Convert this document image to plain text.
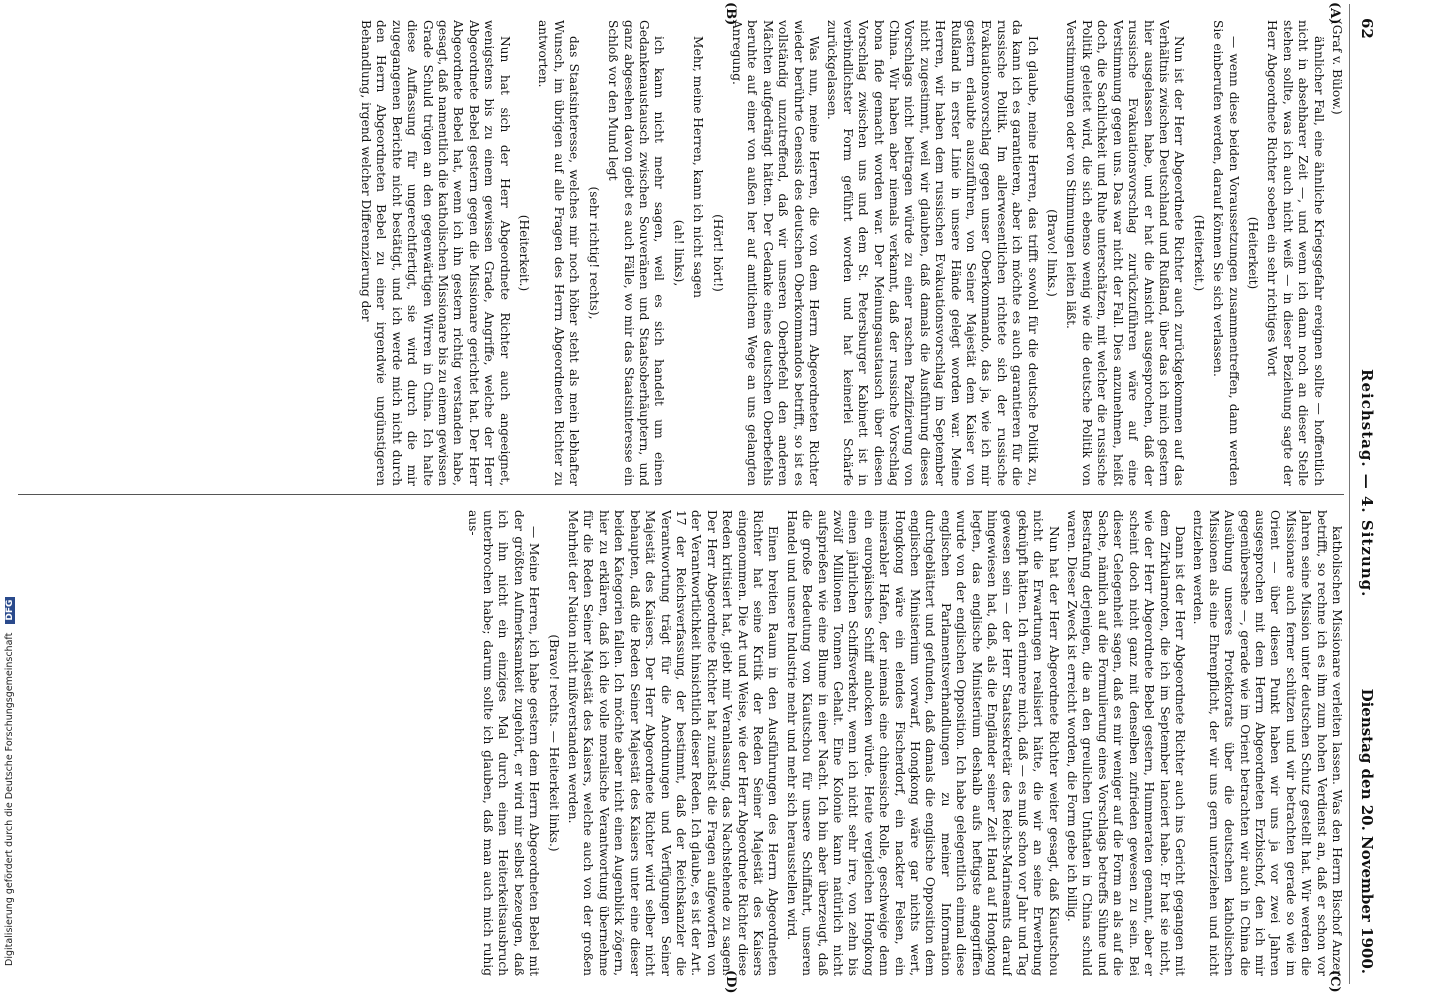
62
Reichstag. — 4. Sitzung.
Dienstag den 20. November 1900.
(A)
(B)
(C)
(D)

(Graf v. Bülow.)

ähnlicher Fall, eine ähnliche Kriegsgefahr ereignen sollte — hoffentlich nicht in absehbarer Zeit —, und wenn ich dann noch an dieser Stelle stehen sollte, was ich auch nicht weiß — in dieser Beziehung sagte der Herr Abgeordnete Richter soeben ein sehr richtiges Wort

(Heiterkeit)

— wenn diese beiden Voraussetzungen zusammentreffen, dann werden Sie einberufen werden, darauf können Sie sich verlassen.

(Heiterkeit.)

Nun ist der Herr Abgeordnete Richter auch zurückgekommen auf das Verhältnis zwischen Deutschland und Rußland, über das ich mich gestern hier ausgelassen habe, und er hat die Ansicht ausgesprochen, daß der russische Evakuationsvorschlag zurückzuführen wäre auf eine Verstimmung gegen uns. Das war nicht der Fall. Dies anzunehmen, heißt doch, die Sachlichkeit und Ruhe unterschätzen, mit welcher die russische Politik geleitet wird, die sich ebenso wenig wie die deutsche Politik von Verstimmungen oder von Stimmungen leiten läßt.

(Bravo! links.)

Ich glaube, meine Herren, das trifft sowohl für die deutsche Politik zu, da kann ich es garantieren, aber ich möchte es auch garantieren für die russische Politik. Im allerwesentlichen richtete sich der russische Evakuationsvorschlag gegen unser Oberkommando, das ja, wie ich mir gestern erlaubte auszuführen, von Seiner Majestät dem Kaiser von Rußland in erster Linie in unsere Hände gelegt worden war. Meine Herren, wir haben dem russischen Evakuationsvorschlag im September nicht zugestimmt, weil wir glaubten, daß damals die Ausführung dieses Vorschlags nicht beitragen würde zu einer raschen Pazifizierung von China. Wir haben aber niemals verkannt, daß der russische Vorschlag bona fide gemacht worden war. Der Meinungsaustausch über diesen Vorschlag zwischen uns und dem St. Petersburger Kabinett ist in verbindlichster Form geführt worden und hat keinerlei Schärfe zurückgelassen.

Was nun, meine Herren, die von dem Herrn Abgeordneten Richter wieder berührte Genesis des deutschen Oberkommandos betrifft, so ist es vollständig unzutreffend, daß wir unseren Oberbefehl den anderen Mächten aufgedrängt hätten. Der Gedanke eines deutschen Oberbefehls beruhte auf einer von außen her auf amtlichem Wege an uns gelangten Anregung.

(Hört! hört!)

Mehr, meine Herren, kann ich nicht sagen

(ah! links),

ich kann nicht mehr sagen, weil es sich handelt um einen Gedankenaustausch zwischen Souveränen und Staatsoberhäuptern, und ganz abgesehen davon giebt es auch Fälle, wo mir das Staatsinteresse ein Schloß vor den Mund legt

(sehr richtig! rechts),

das Staatsinteresse, welches mir noch höher steht als mein lebhafter Wunsch, im übrigen auf alle Fragen des Herrn Abgeordneten Richter zu antworten.

(Heiterkeit.)

Nun hat sich der Herr Abgeordnete Richter auch angeeignet, wenigstens bis zu einem gewissen Grade, Angriffe, welche der Herr Abgeordnete Bebel gestern gegen die Missionare gerichtet hat. Der Herr Abgeordnete Bebel hat, wenn ich ihn gestern richtig verstanden habe, gesagt, daß namentlich die katholischen Missionare bis zu einem gewissen Grade Schuld trügen an den gegenwärtigen Wirren in China. Ich halte diese Auffassung für ungerechtfertigt, sie wird durch die mir zugegangenen Berichte nicht bestätigt, und ich werde mich nicht durch den Herrn Abgeordneten Bebel zu einer irgendwie ungünstigeren Behandlung, irgend welcher Differenzierung der

katholischen Missionare verleiten lassen. Was den Herrn Bischof Anzer betrifft, so rechne ich es ihm zum hohen Verdienst an, daß er schon vor Jahren seine Mission unter deutschen Schutz gestellt hat. Wir werden die Missionare auch ferner schützen und wir betrachten gerade so wie im Orient — über diesen Punkt haben wir uns ja vor zwei Jahren ausgesprochen mit dem Herrn Abgeordneten Erzbischof, den ich mir gegenübersehe —, gerade wie im Orient betrachten wir auch in China die Ausübung unseres Protektorats über die deutschen katholischen Missionen als eine Ehrenpflicht, der wir uns gern unterziehen und nicht entziehen werden.

Dann ist der Herr Abgeordnete Richter auch ins Gericht gegangen mit dem Zirkularnoten, die ich im September lanciert habe. Er hat sie nicht, wie der Herr Abgeordnete Bebel gestern, Hummeraten genannt, aber er scheint doch nicht ganz mit denselben zufrieden gewesen zu sein. Bei dieser Gelegenheit sagen, daß es mir weniger auf die Form an als auf die Sache, nämlich auf die Formulierung eines Vorschlags betreffs Sühne und Bestrafung derjenigen, die an den greulichen Unthaten in China schuld waren. Dieser Zweck ist erreicht worden, die Form gebe ich billig.

Nun hat der Herr Abgeordnete Richter weiter gesagt, daß Kiautschou nicht die Erwartungen realisiert hätte, die wir an seine Erwerbung geknüpft hätten. Ich erinnere mich, daß — es muß schon vor Jahr und Tag gewesen sein — der Herr Staatssekretär des Reichs-Marineamts darauf hingewiesen hat, daß, als die Engländer seiner Zeit Hand auf Hongkong legten, das englische Ministerium deshalb aufs heftigste angegriffen wurde von der englischen Opposition. Ich habe gelegentlich einmal diese englischen Parlamentsverhandlungen zu meiner Information durchgeblättert und gefunden, daß damals die englische Opposition dem englischen Ministerium vorwarf, Hongkong wäre gar nichts wert, Hongkong wäre ein elendes Fischerdorf, ein nackter Felsen, ein miserabler Hafen, der niemals eine chinesische Rolle, geschweige denn ein europäisches Schiff anlocken würde. Heute vergleichen Hongkong einen jährlichen Schiffsverkehr, wenn ich nicht sehr irre, von zehn bis zwölf Millionen Tonnen Gehalt. Eine Kolonie kann natürlich nicht aufsprießen wie eine Blume in einer Nacht. Ich bin aber überzeugt, daß die große Bedeutung von Kiautschou für unsere Schiffahrt, unseren Handel und unsere Industrie mehr und mehr sich herausstellen wird.

Einen breiten Raum in den Ausführungen des Herrn Abgeordneten Richter hat seine Kritik der Reden Seiner Majestät des Kaisers eingenommen. Die Art und Weise, wie der Herr Abgeordnete Richter diese Reden kritisiert hat, giebt mir Veranlassung, das Nachstehende zu sagen. Der Herr Abgeordnete Richter hat zunächst die Fragen aufgeworfen von der Verantwortlichkeit hinsichtlich dieser Reden. Ich glaube, es ist der Art. 17 der Reichsverfassung, der bestimmt, daß der Reichskanzler die Verantwortung trägt für die Anordnungen und Verfügungen Seiner Majestät des Kaisers. Der Herr Abgeordnete Richter wird selber nicht behaupten, daß die Reden Seiner Majestät des Kaisers unter eine dieser beiden Kategorien fallen. Ich möchte aber nicht einen Augenblick zögern, hier zu erklären, daß ich die volle moralische Verantwortung übernehme für die Reden Seiner Majestät des Kaisers, welche auch von der großen Mehrheit der Nation nicht mißverstanden werden.

(Bravo! rechts. — Heiterkeit links.)

— Meine Herren, ich habe gestern dem Herrn Abgeordneten Bebel mit der größten Aufmerksamkeit zugehört, er wird mir selbst bezeugen, daß ich ihn nicht ein einziges Mal durch einen Heiterkeitsausbruch unterbrochen habe; darum sollte ich glauben, daß man auch mich ruhig aus-

Digitalisierung gefördert durch die Deutsche Forschungsgemeinschaft DFG
